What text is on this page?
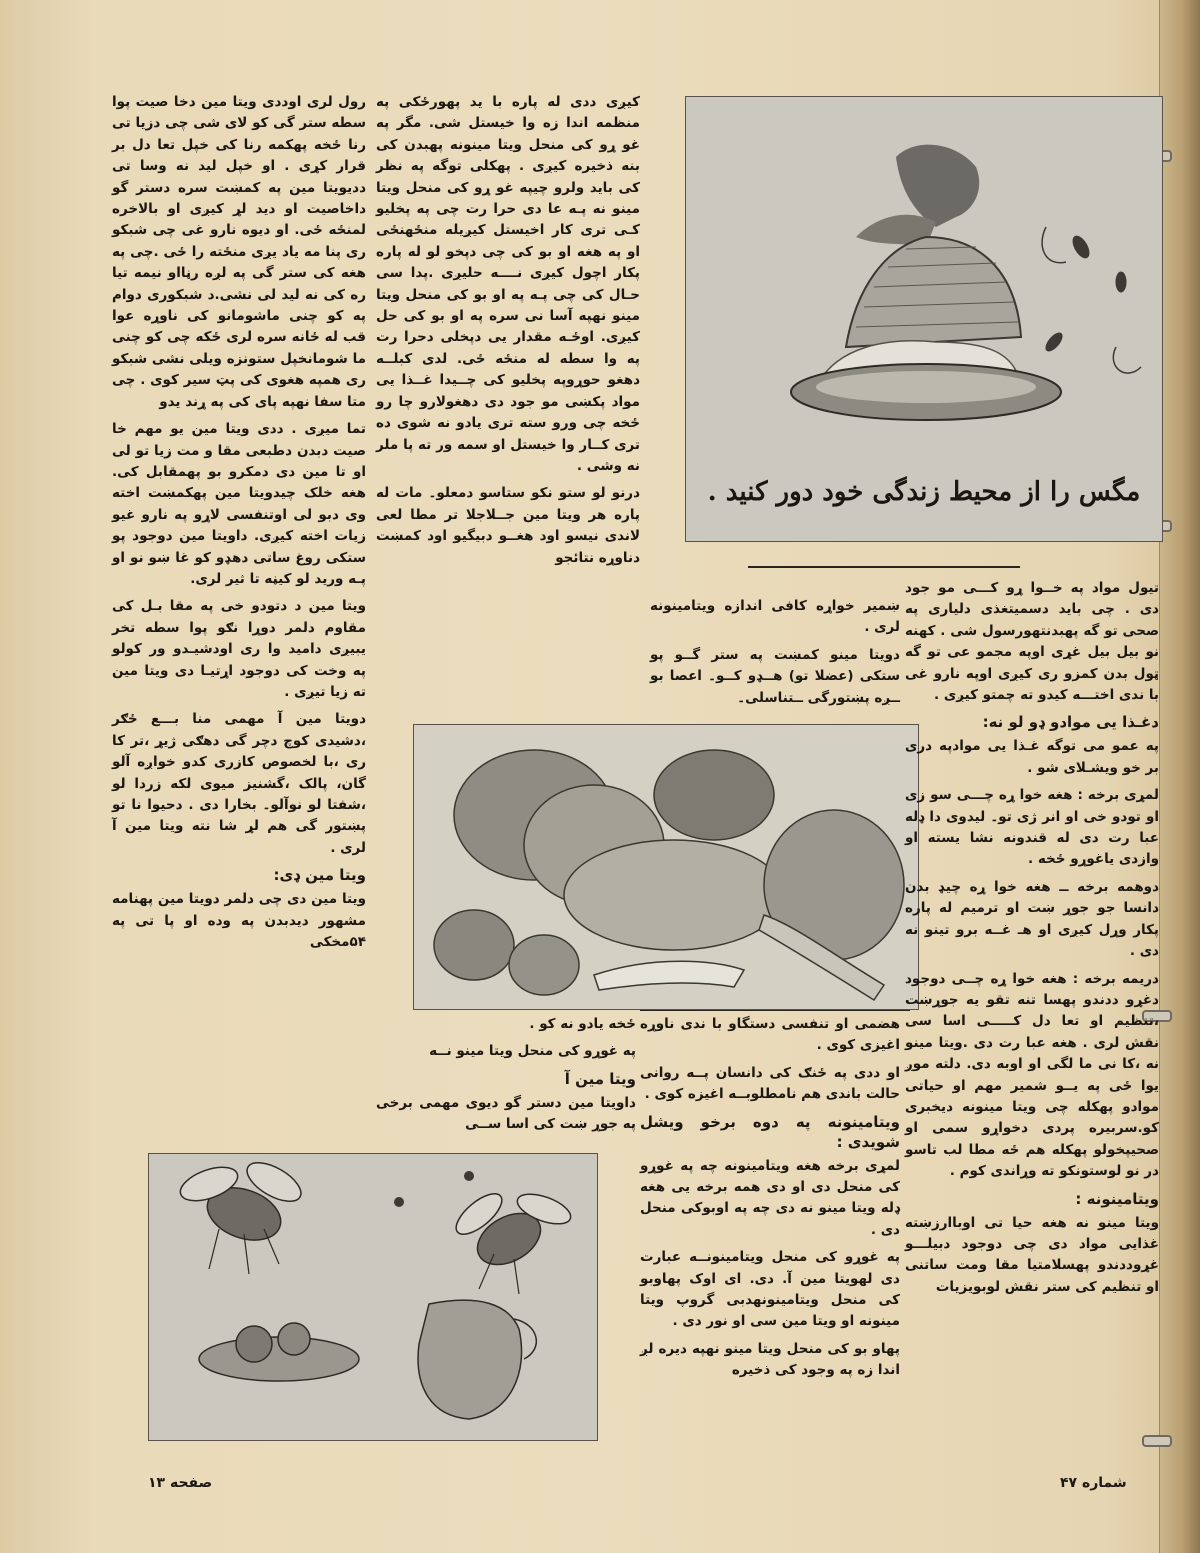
مگس را از محیط زندگی خود دور کنید .

رول لری اوددی ویتا مین دخا صیت پوا سطه ستر گی کو لای شی چی دزیا تی رنا ځخه پهکمه رنا کی خپل تعا دل بر قرار کړی . او خپل لید نه وسا تی ددیویتا مین په کمښت سره دستر گو داخاصیت او دید لړ کیږی او بالاخره لمنځه ځی. او دیوه نارو غی چی شبکو ری پنا مه یاد یږی منځته را ځی .چی په هغه کی ستر گی په لږه رڼااو نیمه تیا ره کی نه لید لی نشی.د شبکوری دوام په کو چنی ماشومانو کی ناوړه عوا قب له ځانه سره لری ځکه چی کو چنی ما شومانخپل ستونزه ویلی نشی شبکو ری همپه هغوی کی پټ سیر کوی . چی متا سفا نهپه پای کی په ړند یدو

تما میږی . ددی ویتا مین یو مهم خا صیت دبدن دطبعی مقا و مت زیا تو لی او تا مین دی دمکرو بو پهمقابل کی. هغه خلک چیدویتا مین پهکمښت اخته وی دبو لی اوتنفسی لاړو په نارو غیو زیات اخته کیږی. داویتا مین دوجود پو ستکی روغ ساتی دهډو کو غا ښو نو او پـه ورید لو کیڼه تا ثیر لری.

ویتا مین د دتودو خی په مقا بـل کی مقاوم دلمر دوړا نګو پوا سطه تخر یبیږی دامید وا ری اودشیـدو ور کولو په وخت کی دوجود اړتیـا دی ویتا مین ته زیا تیږی .

دویتا مین آ مهمی منا بـــع ځګر ،دشیدی کوچ دچر گی دهګی ژیړ ،تر کا ری ،با لخصوص کازری کدو خواږه آلو گان، پالک ،گشنیز میوی لکه زردا لو ،شفتا لو نوآلو۔ بخارا دی . دحیوا نا تو پښتور گی هم لړ شا نته ویتا مین آ لری .

ویتا مین ډی:

ویتا مین دی چی دلمر دویتا مین پهنامه مشهور دیدبدن په وده او پا تی په ۵۴مخکی

کیږی ددی له پاره با ید پهورځکی په منظمه اندا زه وا خیستل شی. مگر په غو ړو کی منحل ویتا مینونه پهبدن کی بنه ذخیره کیږی . پهکلی توگه په نظر کی باید ولرو چیپه غو ړو کی منحل ویتا مینو نه پـه عا دی حرا رت چی په پخلیو کـی تری کار اخیستل کیږیله منځهنځی او په هغه او بو کی چی دپخو لو له پاره پکار اچول کیږی نــــه حلیږی .پدا سی حـال کی چی پـه په او بو کی منحل ویتا مینو نهپه آسا نی سره په او بو کی حل کیږی. اوځـه مقدار یی دپخلی دحرا رت په وا سطه له منځه ځی. لدی کبلــه دهغو حوړوپه پخلیو کی چــیدا غــذا یی مواد پکښی مو جود دی دهغولارو چا رو ځخه چی ورو سته تری یادو نه شوی ده تری کــار وا خیستل او سمه ور ته پا ملر نه وشی .

درنو لو ستو نکو ستاسو دمعلو۔ مات له پاره هر ویتا مین جــلاجلا تر مطا لعی لاندی نیسو اود هغــو دبیگیو اود کمښت دناوړه نتائجو

ښمیر خواړه کافی اندازه ویتامینونه لری .

دویتا مینو کمښت په ستر گــو پو ستکی (عضلا تو) هــډو کــو۔ اعصا بو ــږه پښتورگی ــتناسلی۔

تیول مواد په خــوا ړو کـــی مو جود دی . چی باید دسمیتغذی دلیاری په صحی تو گه پهبدنتهورسول شی . کهنه نو بیل بیل غړی اوپه مجمو عی تو گه ټول بدن کمزو ری کیږی اوپه نارو غی با ندی اختـــه کیدو ته چمتو کیږی .

دغـذا یی موادو ډو لو نه:

په عمو می توگه غـذا یی موادپه دری بر خو ویشـلای شو .

لمړی برخه : هغه خوا ړه چـــی سو زی او تودو خی او انر ژی تو۔ لیدوی دا ډله عبا رت دی له قندونه نشا یسته او وازدی یاغوړو ځخه .

دوهمه برخه ــ هغه خوا ړه چیډ بدن دانسا جو جوړ ښت او ترمیم له پاره پکار وړل کیږی او هـ غــه برو تینو نه دی .

دریمه برخه : هغه خوا ړه چــی دوجود دغړو ددندو پهسا تنه تقو یه جوړښت ،تنظیم او تعا دل کـــــی اسا سی نقش لری . هغه عبا رت دی .ویتا مینو نه ،کا نی ما لگی او اوبه دی. دلته موږ یوا ځی په یــو شمیر مهم او حیاتی موادو پهکله چی ویتا مینونه دیخبری کو.سربیره پردی دخواړو سمی او صحیپخولو پهکله هم ځه مطا لب تاسو در نو لوستونکو ته وړاندی کوم .

ویتامینونه :

ویتا مینو نه هغه حیا تی اوباارزښته غذایی مواد دی چی دوجود دبیلـــو غړوددندو پهسلامتیا مقا ومت ساتنی او تنظیم کی ستر نقش لوبویزیات

ځخه یادو نه کو .

په غوړو کی منحل ویتا مینو نــه

ویتا مین آ

داویتا مین دستر گو دیوی مهمی برخی په جوړ ښت کی اسا ســی

هضمی او تنفسی دستگاو با ندی ناوړه اغیزی کوی .

او ددی په ځنګ کی دانسان پــه روانی حالت باندی هم نامطلوبــه اغیزه کوی .

ویتامینونه په دوه برخو ویشل شویدی :

لمړی برخه هغه ویتامینونه چه په غوړو کی منحل دی او دی همه برخه یی هغه ډله ویتا مینو نه دی چه په اوبوکی منحل دی .

په غوړو کی منحل ویتامینونــه عبارت دی لهویتا مین آ. دی. ای اوک پهاوبو کی منحل ویتامینونهدبی گروپ ویتا مینونه او ویتا مین سی او نور دی .

پهاو بو کی منحل ویتا مینو نهپه دیره لږ اندا زه په وجود کی ذخیره

شماره ۴۷
صفحه ۱۳
